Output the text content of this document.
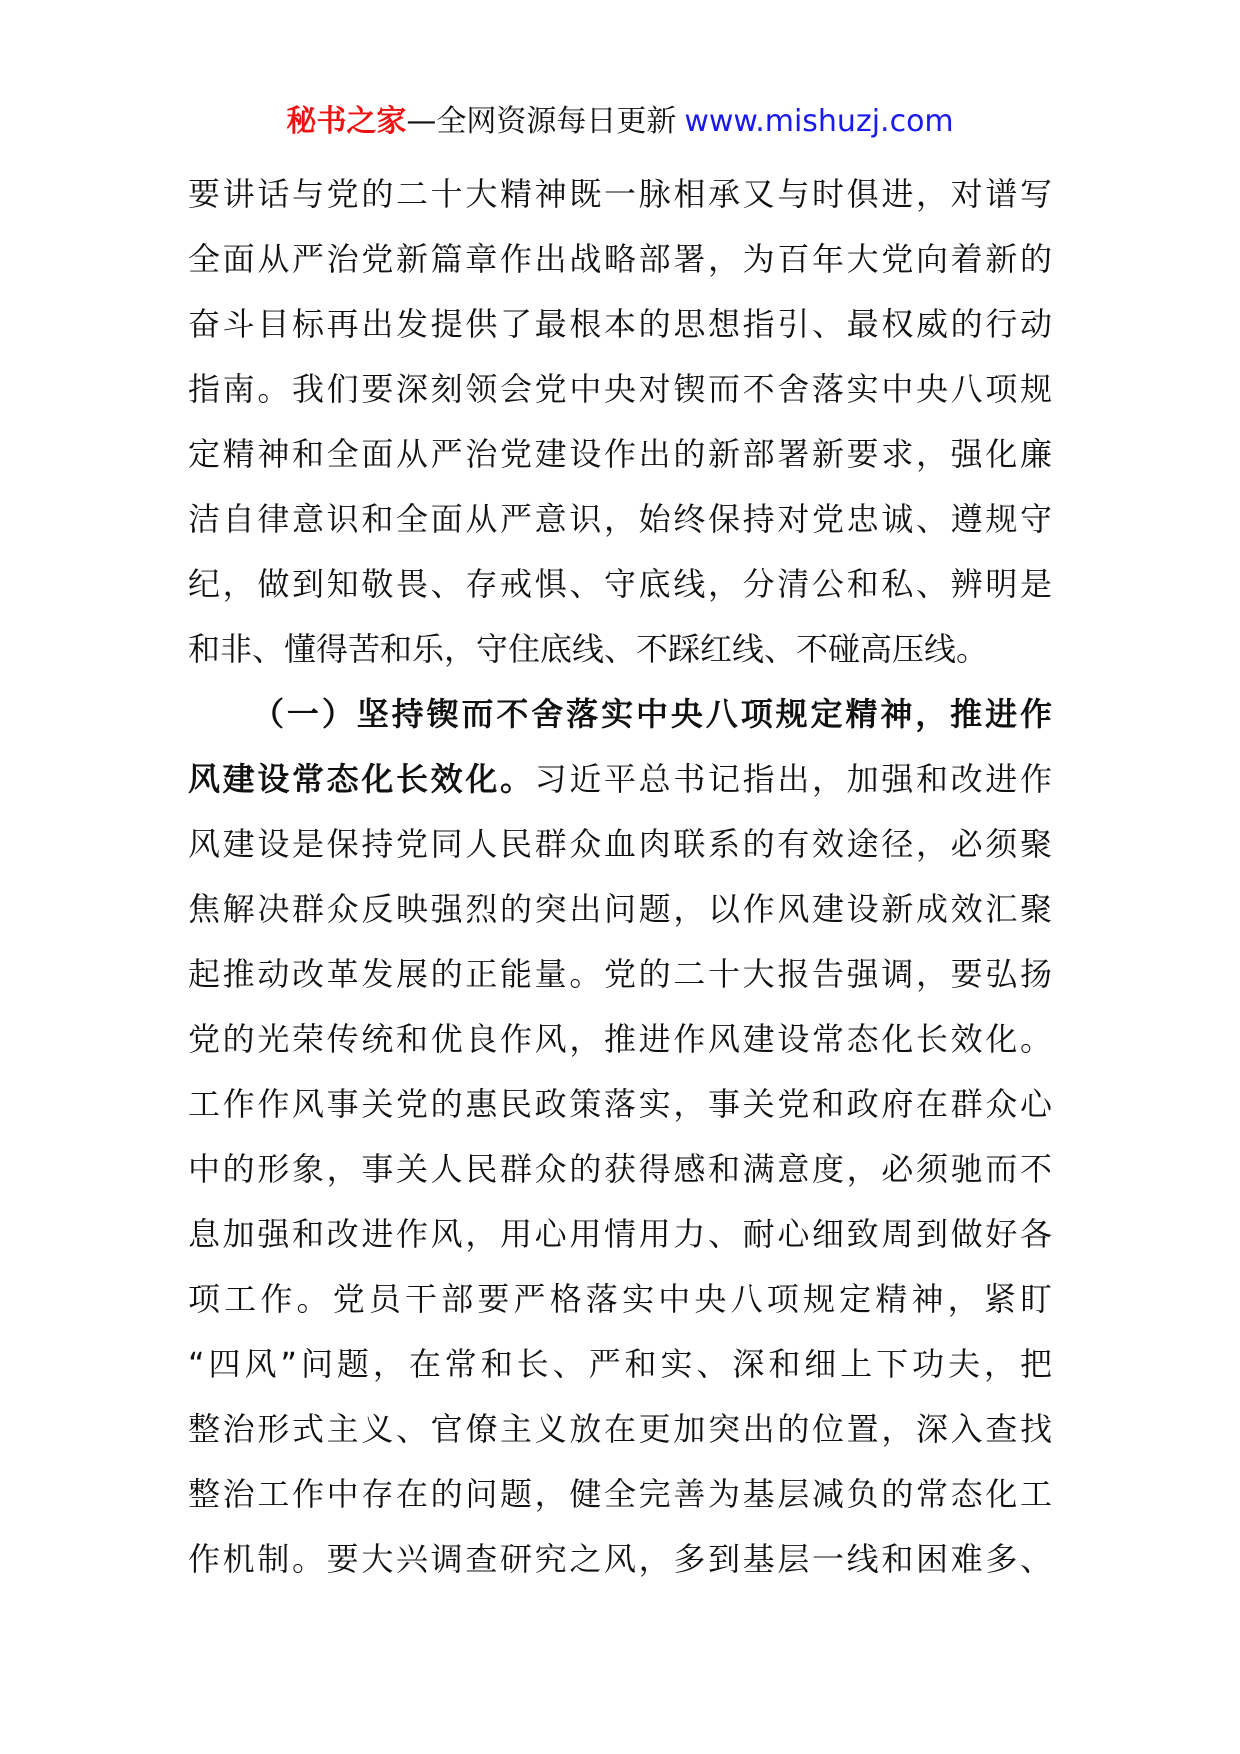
秘书之家—全网资源每日更新 www.mishuzj.com
要讲话与党的二十大精神既一脉相承又与时俱进，对谱写
全面从严治党新篇章作出战略部署，为百年大党向着新的
奋斗目标再出发提供了最根本的思想指引、最权威的行动
指南。我们要深刻领会党中央对锲而不舍落实中央八项规
定精神和全面从严治党建设作出的新部署新要求，强化廉
洁自律意识和全面从严意识，始终保持对党忠诚、遵规守
纪，做到知敬畏、存戒惧、守底线，分清公和私、辨明是
和非、懂得苦和乐，守住底线、不踩红线、不碰高压线。
（一）坚持锲而不舍落实中央八项规定精神，推进作
风建设常态化长效化。习近平总书记指出，加强和改进作
风建设是保持党同人民群众血肉联系的有效途径，必须聚
焦解决群众反映强烈的突出问题，以作风建设新成效汇聚
起推动改革发展的正能量。党的二十大报告强调，要弘扬
党的光荣传统和优良作风，推进作风建设常态化长效化。
工作作风事关党的惠民政策落实，事关党和政府在群众心
中的形象，事关人民群众的获得感和满意度，必须驰而不
息加强和改进作风，用心用情用力、耐心细致周到做好各
项工作。党员干部要严格落实中央八项规定精神，紧盯
“四风”问题，在常和长、严和实、深和细上下功夫，把
整治形式主义、官僚主义放在更加突出的位置，深入查找
整治工作中存在的问题，健全完善为基层减负的常态化工
作机制。要大兴调查研究之风，多到基层一线和困难多、
